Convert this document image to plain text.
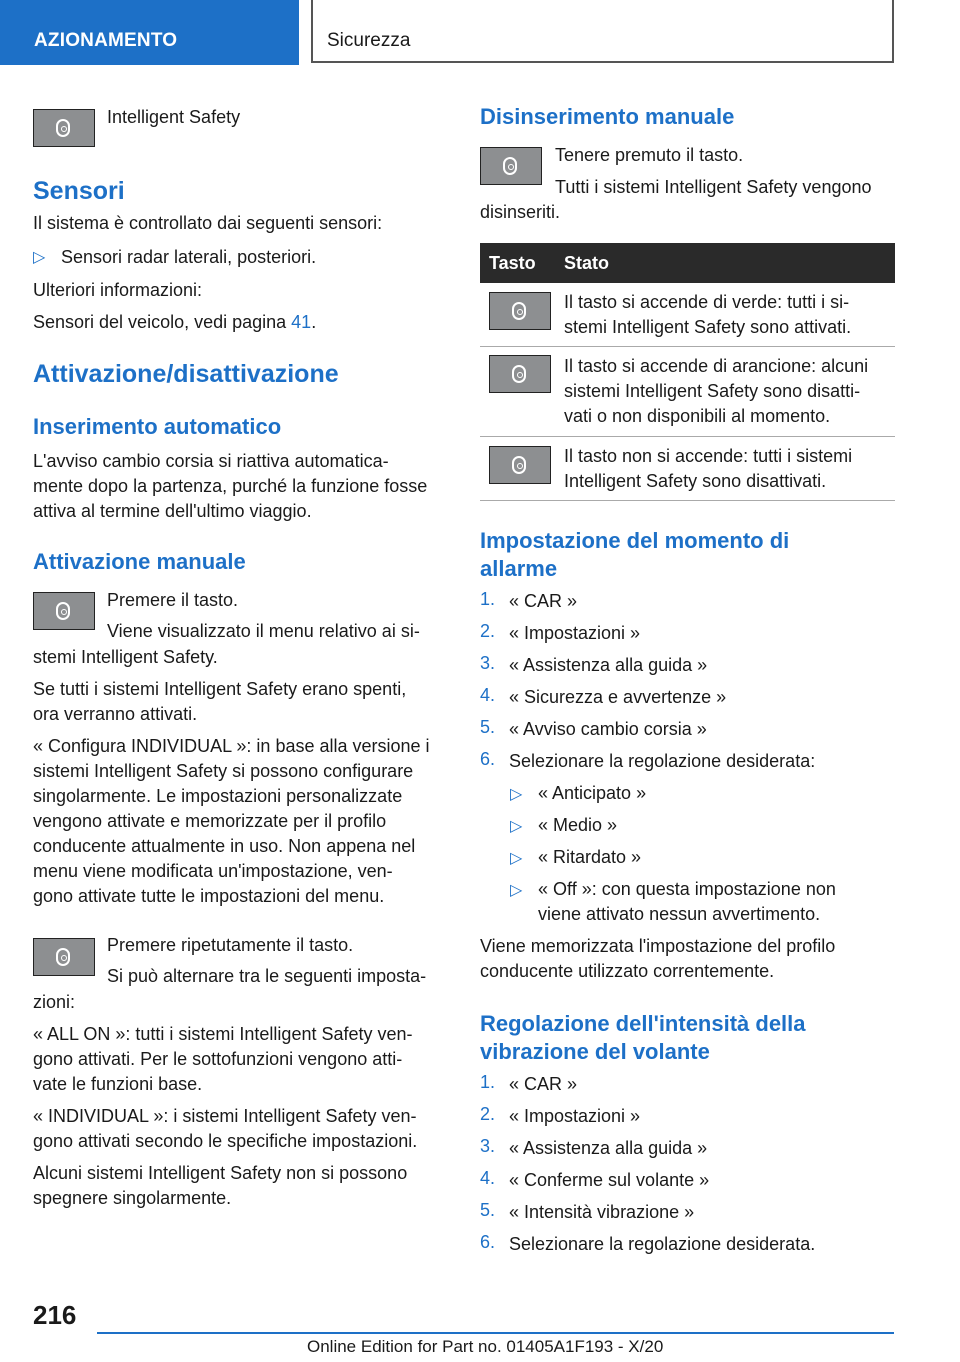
AZIONAMENTO	Sicurezza

Intelligent Safety

Sensori

Il sistema è controllato dai seguenti sensori:

▷ Sensori radar laterali, posteriori.

Ulteriori informazioni:

Sensori del veicolo, vedi pagina 41.

Attivazione/disattivazione
Inserimento automatico

L'avviso cambio corsia si riattiva automatica-

mente dopo la partenza, purché la funzione fosse

attiva al termine dell'ultimo viaggio.

Attivazione manuale

Premere il tasto.

Viene visualizzato il menu relativo ai si-

stemi Intelligent Safety.

Se tutti i sistemi Intelligent Safety erano spenti,

ora verranno attivati.

« Configura INDIVIDUAL »: in base alla versione i

sistemi Intelligent Safety si possono configurare

singolarmente. Le impostazioni personalizzate

vengono attivate e memorizzate per il profilo

conducente attualmente in uso. Non appena nel

menu viene modificata un'impostazione, ven-

gono attivate tutte le impostazioni del menu.

Premere ripetutamente il tasto.

Si può alternare tra le seguenti imposta-

zioni:

« ALL ON »: tutti i sistemi Intelligent Safety ven-

gono attivati. Per le sottofunzioni vengono atti-

vate le funzioni base.

« INDIVIDUAL »: i sistemi Intelligent Safety ven-

gono attivati secondo le specifiche impostazioni.

Alcuni sistemi Intelligent Safety non si possono

spegnere singolarmente.

Disinserimento manuale

Tenere premuto il tasto.

Tutti i sistemi Intelligent Safety vengono

disinseriti.

Tasto Stato

Il tasto si accende di verde: tutti i si-

stemi Intelligent Safety sono attivati.

Il tasto si accende di arancione: alcuni

sistemi Intelligent Safety sono disatti-

vati o non disponibili al momento.

Il tasto non si accende: tutti i sistemi

Intelligent Safety sono disattivati.

Impostazione del momento di
allarme
1. « CAR »

2. « Impostazioni »

3. « Assistenza alla guida »

4. « Sicurezza e avvertenze »

5. « Avviso cambio corsia »

6. Selezionare la regolazione desiderata:

▷ « Anticipato »

▷ « Medio »

▷ « Ritardato »

▷ « Off »: con questa impostazione non

viene attivato nessun avvertimento.

Viene memorizzata l'impostazione del profilo

conducente utilizzato correntemente.

Regolazione dell'intensità della
vibrazione del volante
1. « CAR »

2. « Impostazioni »

3. « Assistenza alla guida »

4. « Conferme sul volante »

5. « Intensità vibrazione »

6. Selezionare la regolazione desiderata.

216
Online Edition for Part no. 01405A1F193 - X/20
